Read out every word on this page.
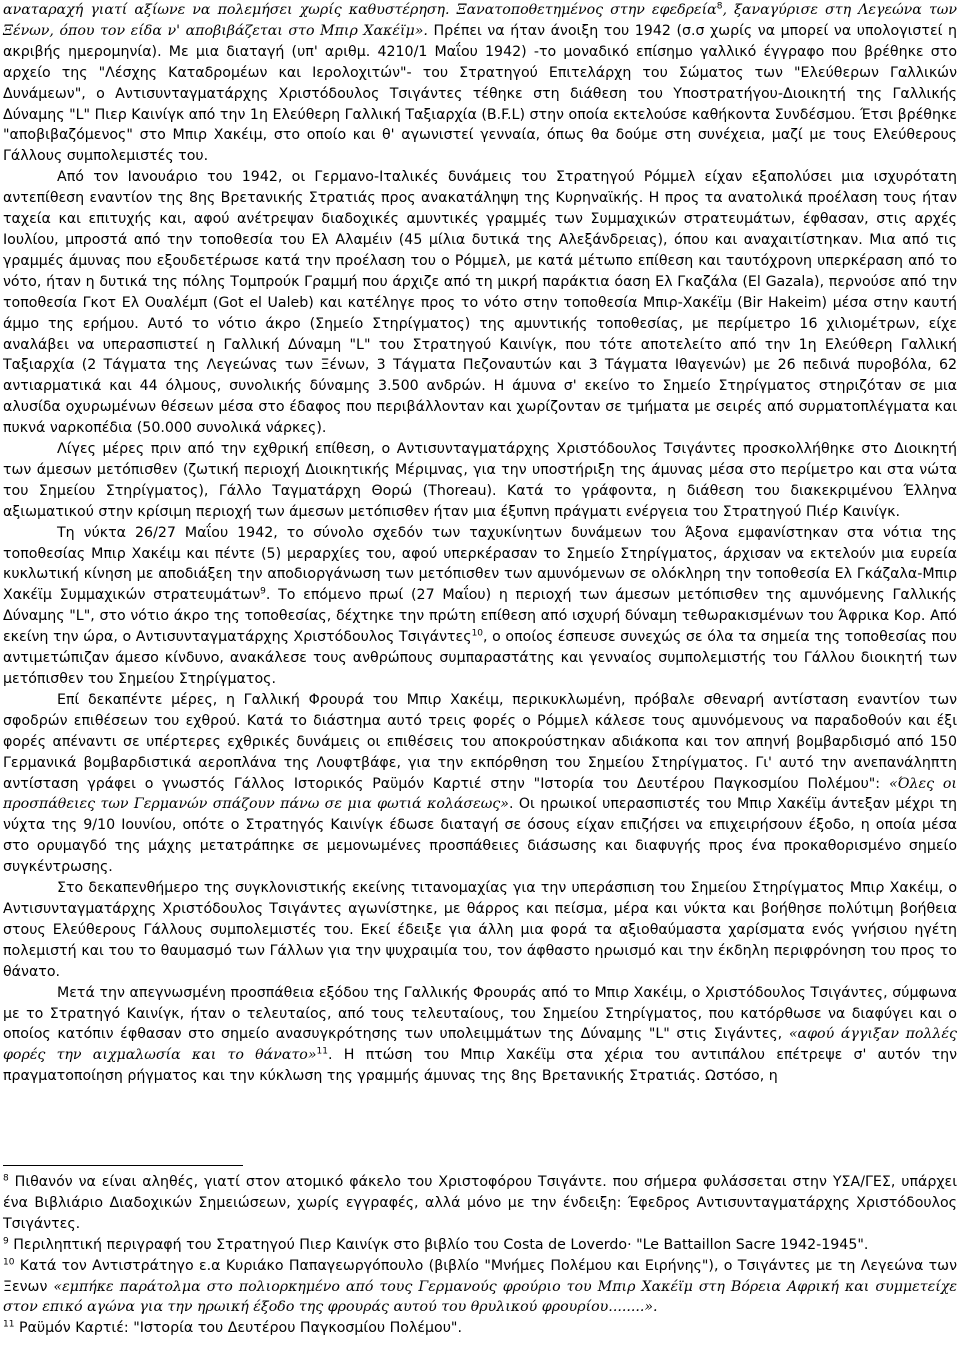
αναταραχή γιατί αξίωνε να πολεμήσει χωρίς καθυστέρηση. Ξανατοποθετημένος στην εφεδρεία$^8$, ξαναγύρισε στη Λεγεώνα των Ξένων, όπου τον είδα ν' αποβιβάζεται στο Μπιρ Χακέϊμ». Πρέπει να ήταν άνοιξη του 1942 (σ.σ χωρίς να μπορεί να υπολογιστεί η ακριβής ημερομηνία). Με μια διαταγή (υπ' αριθμ. 4210/1 Μαΐου 1942) -το μοναδικό επίσημο γαλλικό έγγραφο που βρέθηκε στο αρχείο της "Λέσχης Καταδρομέων και Ιερολοχιτών"- του Στρατηγού Επιτελάρχη του Σώματος των "Ελεύθερων Γαλλικών Δυνάμεων", ο Αντισυνταγματάρχης Χριστόδουλος Τσιγάντες τέθηκε στη διάθεση του Υποστρατήγου-Διοικητή της Γαλλικής Δύναμης "L" Πιερ Καινίγκ από την 1η Ελεύθερη Γαλλική Ταξιαρχία (B.F.L) στην οποία εκτελούσε καθήκοντα Συνδέσμου. Έτσι βρέθηκε "αποβιβαζόμενος" στο Μπιρ Χακέιμ, στο οποίο και θ' αγωνιστεί γενναία, όπως θα δούμε στη συνέχεια, μαζί με τους Ελεύθερους Γάλλους συμπολεμιστές του.

Από τον Ιανουάριο του 1942, οι Γερμανο-Ιταλικές δυνάμεις του Στρατηγού Ρόμμελ είχαν εξαπολύσει μια ισχυρότατη αντεπίθεση εναντίον της 8ης Βρετανικής Στρατιάς προς ανακατάληψη της Κυρηναϊκής. Η προς τα ανατολικά προέλαση τους ήταν ταχεία και επιτυχής και, αφού ανέτρεψαν διαδοχικές αμυντικές γραμμές των Συμμαχικών στρατευμάτων, έφθασαν, στις αρχές Ιουλίου, μπροστά από την τοποθεσία του Ελ Αλαμέιν (45 μίλια δυτικά της Αλεξάνδρειας), όπου και αναχαιτίστηκαν. Μια από τις γραμμές άμυνας που εξουδετέρωσε κατά την προέλαση του ο Ρόμμελ, με κατά μέτωπο επίθεση και ταυτόχρονη υπερκέραση από το νότο, ήταν η δυτικά της πόλης Τομπρούκ Γραμμή που άρχιζε από τη μικρή παράκτια όαση Ελ Γκαζάλα (El Gazala), περνούσε από την τοποθεσία Γκοτ Ελ Ουαλέμπ (Got el Ualeb) και κατέληγε προς το νότο στην τοποθεσία Μπιρ-Χακέϊμ (Bir Hakeim) μέσα στην καυτή άμμο της ερήμου. Αυτό το νότιο άκρο (Σημείο Στηρίγματος) της αμυντικής τοποθεσίας, με περίμετρο 16 χιλιομέτρων, είχε αναλάβει να υπερασπιστεί η Γαλλική Δύναμη "L" του Στρατηγού Καινίγκ, που τότε αποτελείτο από την 1η Ελεύθερη Γαλλική Ταξιαρχία (2 Τάγματα της Λεγεώνας των Ξένων, 3 Τάγματα Πεζοναυτών και 3 Τάγματα Ιθαγενών) με 26 πεδινά πυροβόλα, 62 αντιαρματικά και 44 όλμους, συνολικής δύναμης 3.500 ανδρών. Η άμυνα σ' εκείνο το Σημείο Στηρίγματος στηριζόταν σε μια αλυσίδα οχυρωμένων θέσεων μέσα στο έδαφος που περιβάλλονταν και χωρίζονταν σε τμήματα με σειρές από συρματοπλέγματα και πυκνά ναρκοπέδια (50.000 συνολικά νάρκες).

Λίγες μέρες πριν από την εχθρική επίθεση, ο Αντισυνταγματάρχης Χριστόδουλος Τσιγάντες προσκολλήθηκε στο Διοικητή των άμεσων μετόπισθεν (ζωτική περιοχή Διοικητικής Μέριμνας, για την υποστήριξη της άμυνας μέσα στο περίμετρο και στα νώτα του Σημείου Στηρίγματος), Γάλλο Ταγματάρχη Θορώ (Thoreau). Κατά το γράφοντα, η διάθεση του διακεκριμένου Έλληνα αξιωματικού στην κρίσιμη περιοχή των άμεσων μετόπισθεν ήταν μια έξυπνη πράγματι ενέργεια του Στρατηγού Πιέρ Καινίγκ.

Τη νύκτα 26/27 Μαΐου 1942, το σύνολο σχεδόν των ταχυκίνητων δυνάμεων του Άξονα εμφανίστηκαν στα νότια της τοποθεσίας Μπιρ Χακέιμ και πέντε (5) μεραρχίες του, αφού υπερκέρασαν το Σημείο Στηρίγματος, άρχισαν να εκτελούν μια ευρεία κυκλωτική κίνηση με αποδιάξεη την αποδιοργάνωση των μετόπισθεν των αμυνόμενων σε ολόκληρη την τοποθεσία Ελ Γκάζαλα-Μπιρ Χακέϊμ Συμμαχικών στρατευμάτων$^9$. Το επόμενο πρωί (27 Μαΐου) η περιοχή των άμεσων μετόπισθεν της αμυνόμενης Γαλλικής Δύναμης "L", στο νότιο άκρο της τοποθεσίας, δέχτηκε την πρώτη επίθεση από ισχυρή δύναμη τεθωρακισμένων του Άφρικα Κορ. Από εκείνη την ώρα, ο Αντισυνταγματάρχης Χριστόδουλος Τσιγάντες$^{10}$, ο οποίος έσπευσε συνεχώς σε όλα τα σημεία της τοποθεσίας που αντιμετώπιζαν άμεσο κίνδυνο, ανακάλεσε τους ανθρώπους συμπαραστάτης και γενναίος συμπολεμιστής του Γάλλου διοικητή των μετόπισθεν του Σημείου Στηρίγματος.

Επί δεκαπέντε μέρες, η Γαλλική Φρουρά του Μπιρ Χακέιμ, περικυκλωμένη, πρόβαλε σθεναρή αντίσταση εναντίον των σφοδρών επιθέσεων του εχθρού. Κατά το διάστημα αυτό τρεις φορές ο Ρόμμελ κάλεσε τους αμυνόμενους να παραδοθούν και έξι φορές απέναντι σε υπέρτερες εχθρικές δυνάμεις οι επιθέσεις του αποκρούστηκαν αδιάκοπα και τον απηνή βομβαρδισμό από 150 Γερμανικά βομβαρδιστικά αεροπλάνα της Λουφτβάφε, για την εκπόρθηση του Σημείου Στηρίγματος. Γι' αυτό την ανεπανάληπτη αντίσταση γράφει ο γνωστός Γάλλος Ιστορικός Ραϋμόν Καρτιέ στην "Ιστορία του Δευτέρου Παγκοσμίου Πολέμου": «Όλες οι προσπάθειες των Γερμανών σπάζουν πάνω σε μια φωτιά κολάσεως». Οι ηρωικοί υπερασπιστές του Μπιρ Χακέϊμ άντεξαν μέχρι τη νύχτα της 9/10 Ιουνίου, οπότε ο Στρατηγός Καινίγκ έδωσε διαταγή σε όσους είχαν επιζήσει να επιχειρήσουν έξοδο, η οποία μέσα στο ορυμαγδό της μάχης μετατράπηκε σε μεμονωμένες προσπάθειες διάσωσης και διαφυγής προς ένα προκαθορισμένο σημείο συγκέντρωσης.

Στο δεκαπενθήμερο της συγκλονιστικής εκείνης τιτανομαχίας για την υπεράσπιση του Σημείου Στηρίγματος Μπιρ Χακέιμ, ο Αντισυνταγματάρχης Χριστόδουλος Τσιγάντες αγωνίστηκε, με θάρρος και πείσμα, μέρα και νύκτα και βοήθησε πολύτιμη βοήθεια στους Ελεύθερους Γάλλους συμπολεμιστές του. Εκεί έδειξε για άλλη μια φορά τα αξιοθαύμαστα χαρίσματα ενός γνήσιου ηγέτη πολεμιστή και του το θαυμασμό των Γάλλων για την ψυχραιμία του, τον άφθαστο ηρωισμό και την έκδηλη περιφρόνηση του προς το θάνατο.

Μετά την απεγνωσμένη προσπάθεια εξόδου της Γαλλικής Φρουράς από το Μπιρ Χακέιμ, ο Χριστόδουλος Τσιγάντες, σύμφωνα με το Στρατηγό Καινίγκ, ήταν ο τελευταίος, από τους τελευταίους, του Σημείου Στηρίγματος, που κατόρθωσε να διαφύγει και ο οποίος κατόπιν έφθασαν στο σημείο ανασυγκρότησης των υπολειμμάτων της Δύναμης "L" στις Σιγάντες, «αφού άγγιξαν πολλές φορές την αιχμαλωσία και το θάνατο»$^{11}$. Η πτώση του Μπιρ Χακέϊμ στα χέρια του αντιπάλου επέτρεψε σ' αυτόν την πραγματοποίηση ρήγματος και την κύκλωση της γραμμής άμυνας της 8ης Βρετανικής Στρατιάς. Ωστόσο, η

$^8$ Πιθανόν να είναι αληθές, γιατί στον ατομικό φάκελο του Χριστοφόρου Τσιγάντε. που σήμερα φυλάσσεται στην ΥΣΑ/ΓΕΣ, υπάρχει ένα Βιβλιάριο Διαδοχικών Σημειώσεων, χωρίς εγγραφές, αλλά μόνο με την ένδειξη: Έφεδρος Αντισυνταγματάρχης Χριστόδουλος Τσιγάντες.

$^9$ Περιληπτική περιγραφή του Στρατηγού Πιερ Καινίγκ στο βιβλίο του Costa de Loverdo· "Le Battaillon Sacre 1942-1945".

$^{10}$ Κατά τον Αντιστράτηγο ε.α Κυριάκο Παπαγεωργόπουλο (βιβλίο "Μνήμες Πολέμου και Ειρήνης"), ο Τσιγάντες με τη Λεγεώνα των Ξενων «εμπήκε παράτολμα στο πολιορκημένο από τους Γερμανούς φρούριο του Μπιρ Χακέϊμ στη Βόρεια Αφρική και συμμετείχε στον επικό αγώνα για την ηρωική έξοδο της φρουράς αυτού του θρυλικού φρουρίου........».

$^{11}$ Ραϋμόν Καρτιέ: "Ιστορία του Δευτέρου Παγκοσμίου Πολέμου".
